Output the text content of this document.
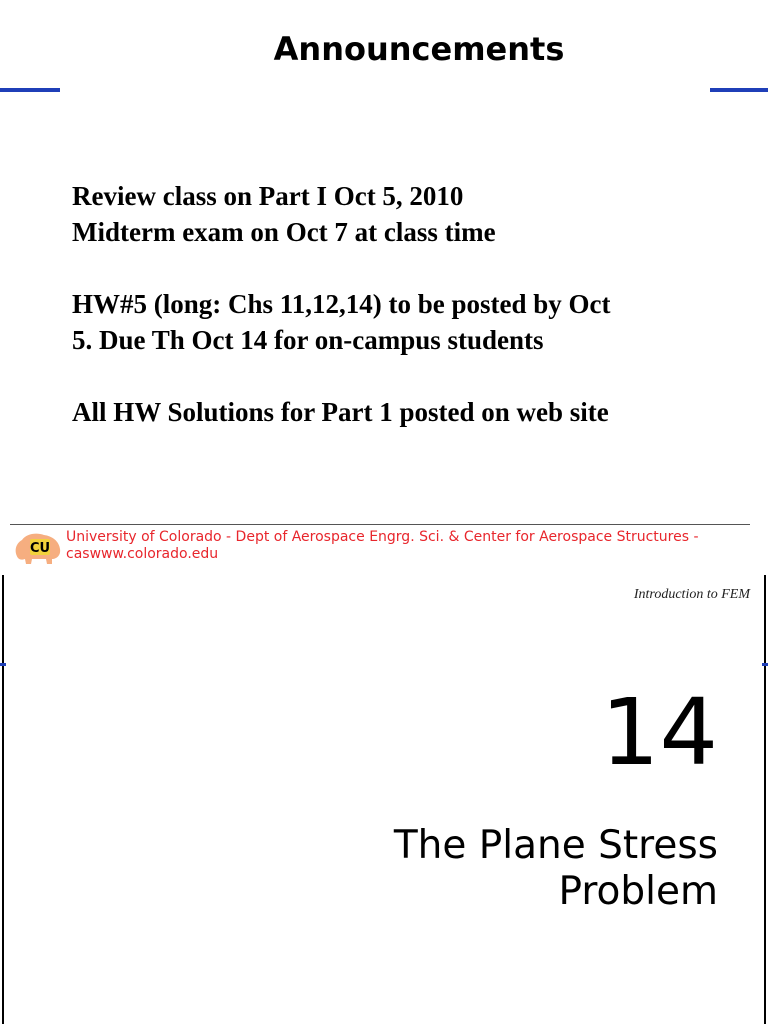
Announcements

Review class on Part I Oct 5, 2010
Midterm exam on Oct 7 at class time

HW#5 (long: Chs 11,12,14) to be posted by Oct
5. Due Th Oct 14 for on-campus students

All HW Solutions for Part 1 posted on web site

CU
University of Colorado - Dept of Aerospace Engrg. Sci. & Center for Aerospace Structures -
caswww.colorado.edu
Introduction to FEM
14
The Plane Stress
Problem
